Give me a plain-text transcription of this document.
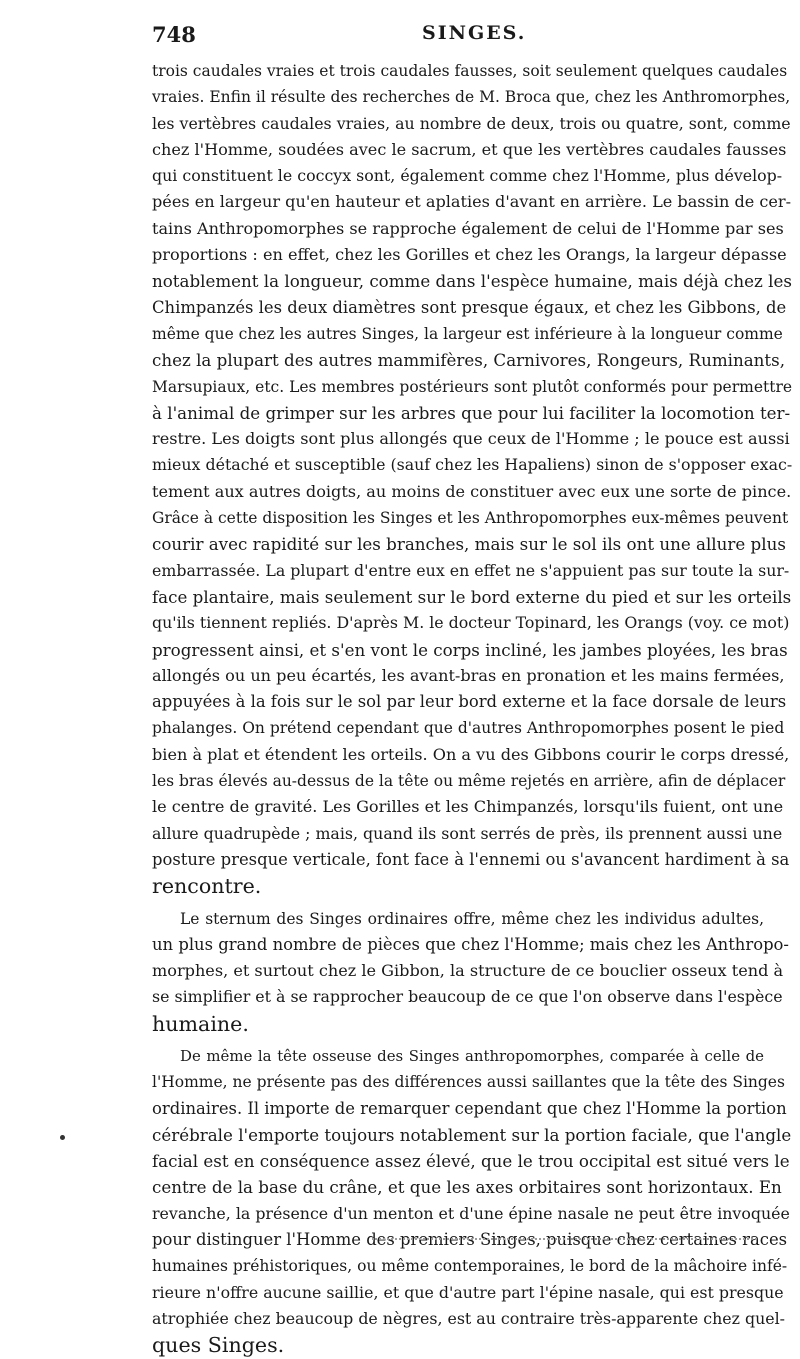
748	SINGES.
trois caudales vraies et trois caudales fausses, soit seulement quelques caudales
vraies. Enfin il résulte des recherches de M. Broca que, chez les Anthromorphes,
les vertèbres caudales vraies, au nombre de deux, trois ou quatre, sont, comme
chez l'Homme, soudées avec le sacrum, et que les vertèbres caudales fausses
qui constituent le coccyx sont, également comme chez l'Homme, plus dévelop-
pées en largeur qu'en hauteur et aplaties d'avant en arrière. Le bassin de cer-
tains Anthropomorphes se rapproche également de celui de l'Homme par ses
proportions : en effet, chez les Gorilles et chez les Orangs, la largeur dépasse
notablement la longueur, comme dans l'espèce humaine, mais déjà chez les
Chimpanzés les deux diamètres sont presque égaux, et chez les Gibbons, de
même que chez les autres Singes, la largeur est inférieure à la longueur comme
chez la plupart des autres mammifères, Carnivores, Rongeurs, Ruminants,
Marsupiaux, etc. Les membres postérieurs sont plutôt conformés pour permettre
à l'animal de grimper sur les arbres que pour lui faciliter la locomotion ter-
restre. Les doigts sont plus allongés que ceux de l'Homme ; le pouce est aussi
mieux détaché et susceptible (sauf chez les Hapaliens) sinon de s'opposer exac-
tement aux autres doigts, au moins de constituer avec eux une sorte de pince.
Grâce à cette disposition les Singes et les Anthropomorphes eux-mêmes peuvent
courir avec rapidité sur les branches, mais sur le sol ils ont une allure plus
embarrassée. La plupart d'entre eux en effet ne s'appuient pas sur toute la sur-
face plantaire, mais seulement sur le bord externe du pied et sur les orteils
qu'ils tiennent repliés. D'après M. le docteur Topinard, les Orangs (voy. ce mot)
progressent ainsi, et s'en vont le corps incliné, les jambes ployées, les bras
allongés ou un peu écartés, les avant-bras en pronation et les mains fermées,
appuyées à la fois sur le sol par leur bord externe et la face dorsale de leurs
phalanges. On prétend cependant que d'autres Anthropomorphes posent le pied
bien à plat et étendent les orteils. On a vu des Gibbons courir le corps dressé,
les bras élevés au-dessus de la tête ou même rejetés en arrière, afin de déplacer
le centre de gravité. Les Gorilles et les Chimpanzés, lorsqu'ils fuient, ont une
allure quadrupède ; mais, quand ils sont serrés de près, ils prennent aussi une
posture presque verticale, font face à l'ennemi ou s'avancent hardiment à sa
rencontre.
Le sternum des Singes ordinaires offre, même chez les individus adultes,
un plus grand nombre de pièces que chez l'Homme; mais chez les Anthropo-
morphes, et surtout chez le Gibbon, la structure de ce bouclier osseux tend à
se simplifier et à se rapprocher beaucoup de ce que l'on observe dans l'espèce
humaine.
De même la tête osseuse des Singes anthropomorphes, comparée à celle de
l'Homme, ne présente pas des différences aussi saillantes que la tête des Singes
ordinaires. Il importe de remarquer cependant que chez l'Homme la portion
cérébrale l'emporte toujours notablement sur la portion faciale, que l'angle
facial est en conséquence assez élevé, que le trou occipital est situé vers le
centre de la base du crâne, et que les axes orbitaires sont horizontaux. En
revanche, la présence d'un menton et d'une épine nasale ne peut être invoquée
pour distinguer l'Homme des premiers Singes, puisque chez certaines races
humaines préhistoriques, ou même contemporaines, le bord de la mâchoire infé-
rieure n'offre aucune saillie, et que d'autre part l'épine nasale, qui est presque
atrophiée chez beaucoup de nègres, est au contraire très-apparente chez quel-
ques Singes.
